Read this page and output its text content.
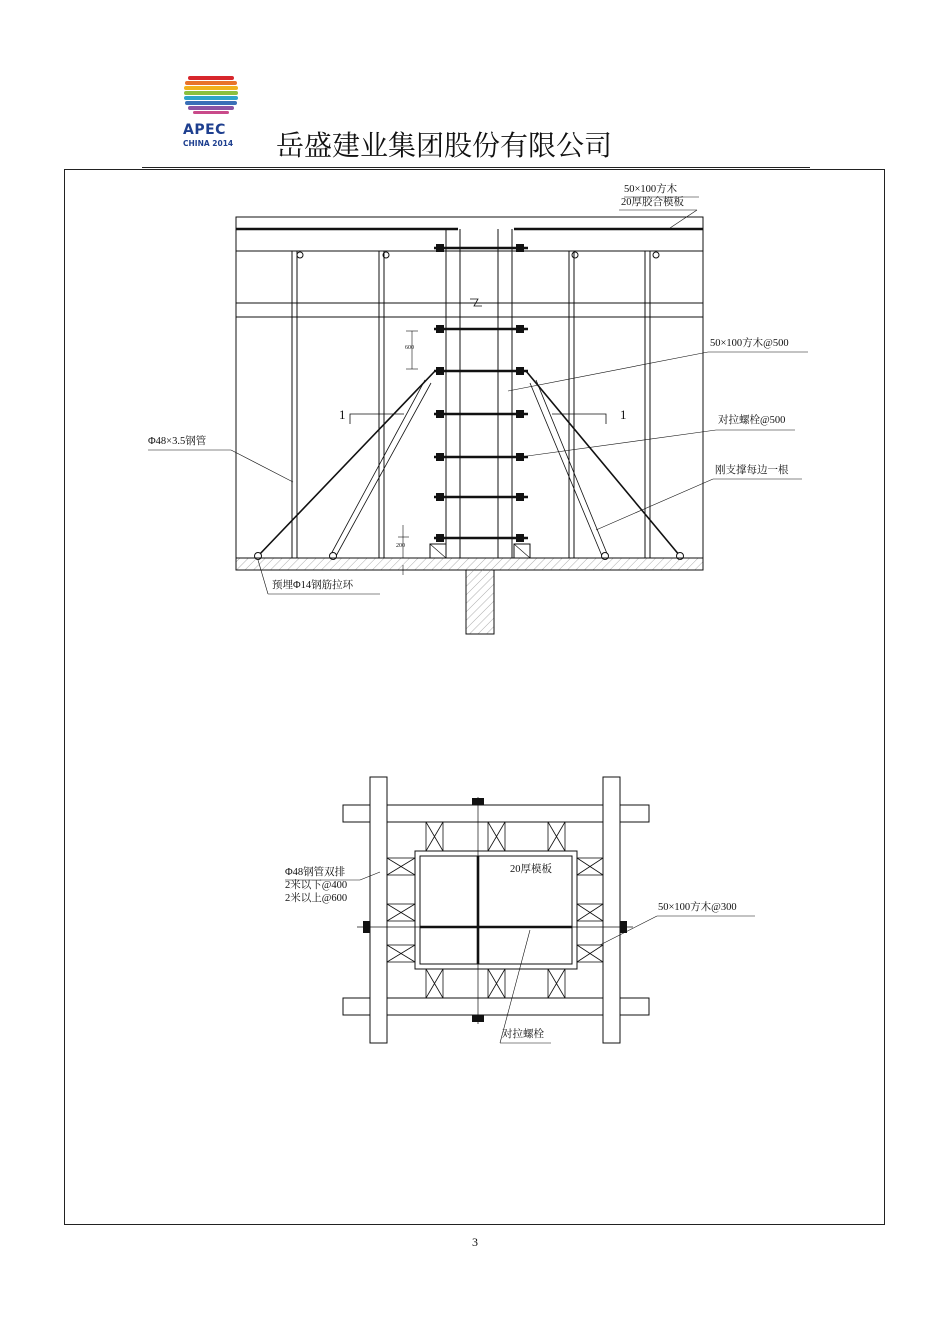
APEC
CHINA 2014 岳盛建业集团股份有限公司
50×100方木
20厚胶合模板
50×100方木@500
对拉螺栓@500
刚支撑每边一根
Φ48×3.5钢管
预埋Φ14钢筋拉环
600
200
1	1
Φ48钢管双排
2米以下@400
2米以上@600
20厚模板
50×100方木@300
对拉螺栓
3
